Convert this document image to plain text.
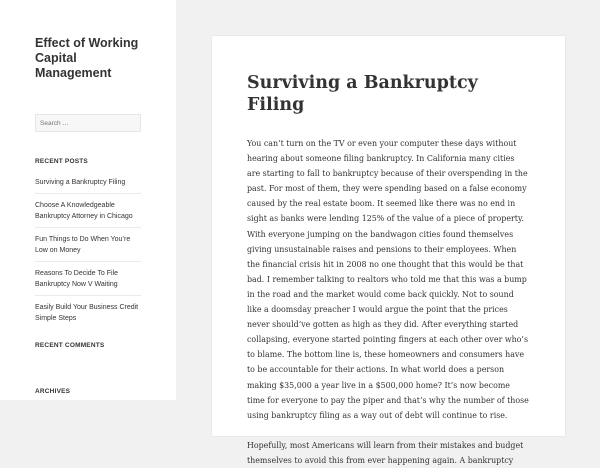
Effect of Working Capital Management
Search …
RECENT POSTS
Surviving a Bankruptcy Filing
Choose A Knowledgeable Bankruptcy Attorney in Chicago
Fun Things to Do When You’re Low on Money
Reasons To Decide To File Bankruptcy Now V Waiting
Easily Build Your Business Credit Simple Steps
RECENT COMMENTS
ARCHIVES
Surviving a Bankruptcy Filing

You can’t turn on the TV or even your computer these days without hearing about someone filing bankruptcy. In California many cities are starting to fall to bankruptcy because of their overspending in the past. For most of them, they were spending based on a false economy caused by the real estate boom. It seemed like there was no end in sight as banks were lending 125% of the value of a piece of property. With everyone jumping on the bandwagon cities found themselves giving unsustainable raises and pensions to their employees. When the financial crisis hit in 2008 no one thought that this would be that bad. I remember talking to realtors who told me that this was a bump in the road and the market would come back quickly. Not to sound like a doomsday preacher I would argue the point that the prices never should’ve gotten as high as they did. After everything started collapsing, everyone started pointing fingers at each other over who’s to blame. The bottom line is, these homeowners and consumers have to be accountable for their actions. In what world does a person making $35,000 a year live in a $500,000 home? It’s now become time for everyone to pay the piper and that’s why the number of those using bankruptcy filing as a way out of debt will continue to rise.

Hopefully, most Americans will learn from their mistakes and budget themselves to avoid this from ever happening again. A bankruptcy
